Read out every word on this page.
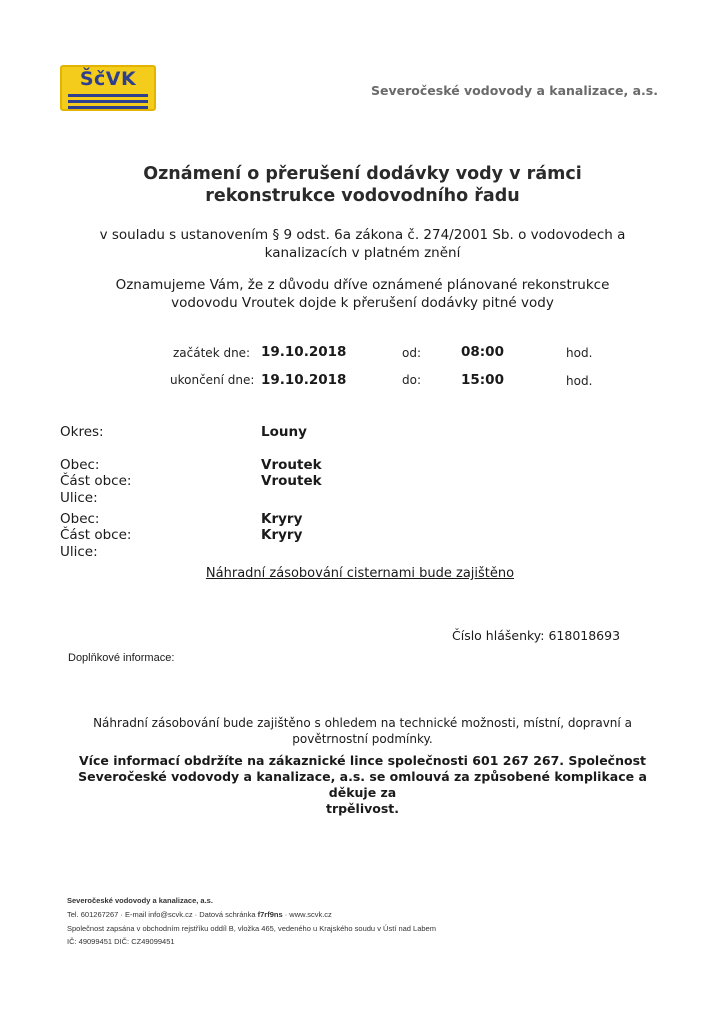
ŠčVK
Severočeské vodovody a kanalizace, a.s.
Oznámení o přerušení dodávky vody v rámci
rekonstrukce vodovodního řadu
v souladu s ustanovením § 9 odst. 6a zákona č. 274/2001 Sb. o vodovodech a
kanalizacích v platném znění
Oznamujeme Vám, že z důvodu dříve oznámené plánované rekonstrukce
vodovodu Vroutek dojde k přerušení dodávky pitné vody
začátek dne: 19.10.2018	od:	08:00	hod.
ukončení dne: 19.10.2018	do:	15:00	hod.
Okres:	Louny
Obec:	Vroutek
Část obce:	Vroutek
Ulice:
Obec:	Kryry
Část obce:	Kryry
Ulice:
Náhradní zásobování cisternami bude zajištěno
Číslo hlášenky: 618018693
Doplňkové informace:
Náhradní zásobování bude zajištěno s ohledem na technické možnosti, místní, dopravní a
povětrnostní podmínky.
Více informací obdržíte na zákaznické lince společnosti 601 267 267. Společnost
Severočeské vodovody a kanalizace, a.s. se omlouvá za způsobené komplikace a děkuje za
trpělivost.
Severočeské vodovody a kanalizace, a.s.
Tel. 601267267 · E-mail info@scvk.cz · Datová schránka f7rf9ns · www.scvk.cz
Společnost zapsána v obchodním rejstříku oddíl B, vložka 465, vedeného u Krajského soudu v Ústí nad Labem
IČ: 49099451 DIČ: CZ49099451
